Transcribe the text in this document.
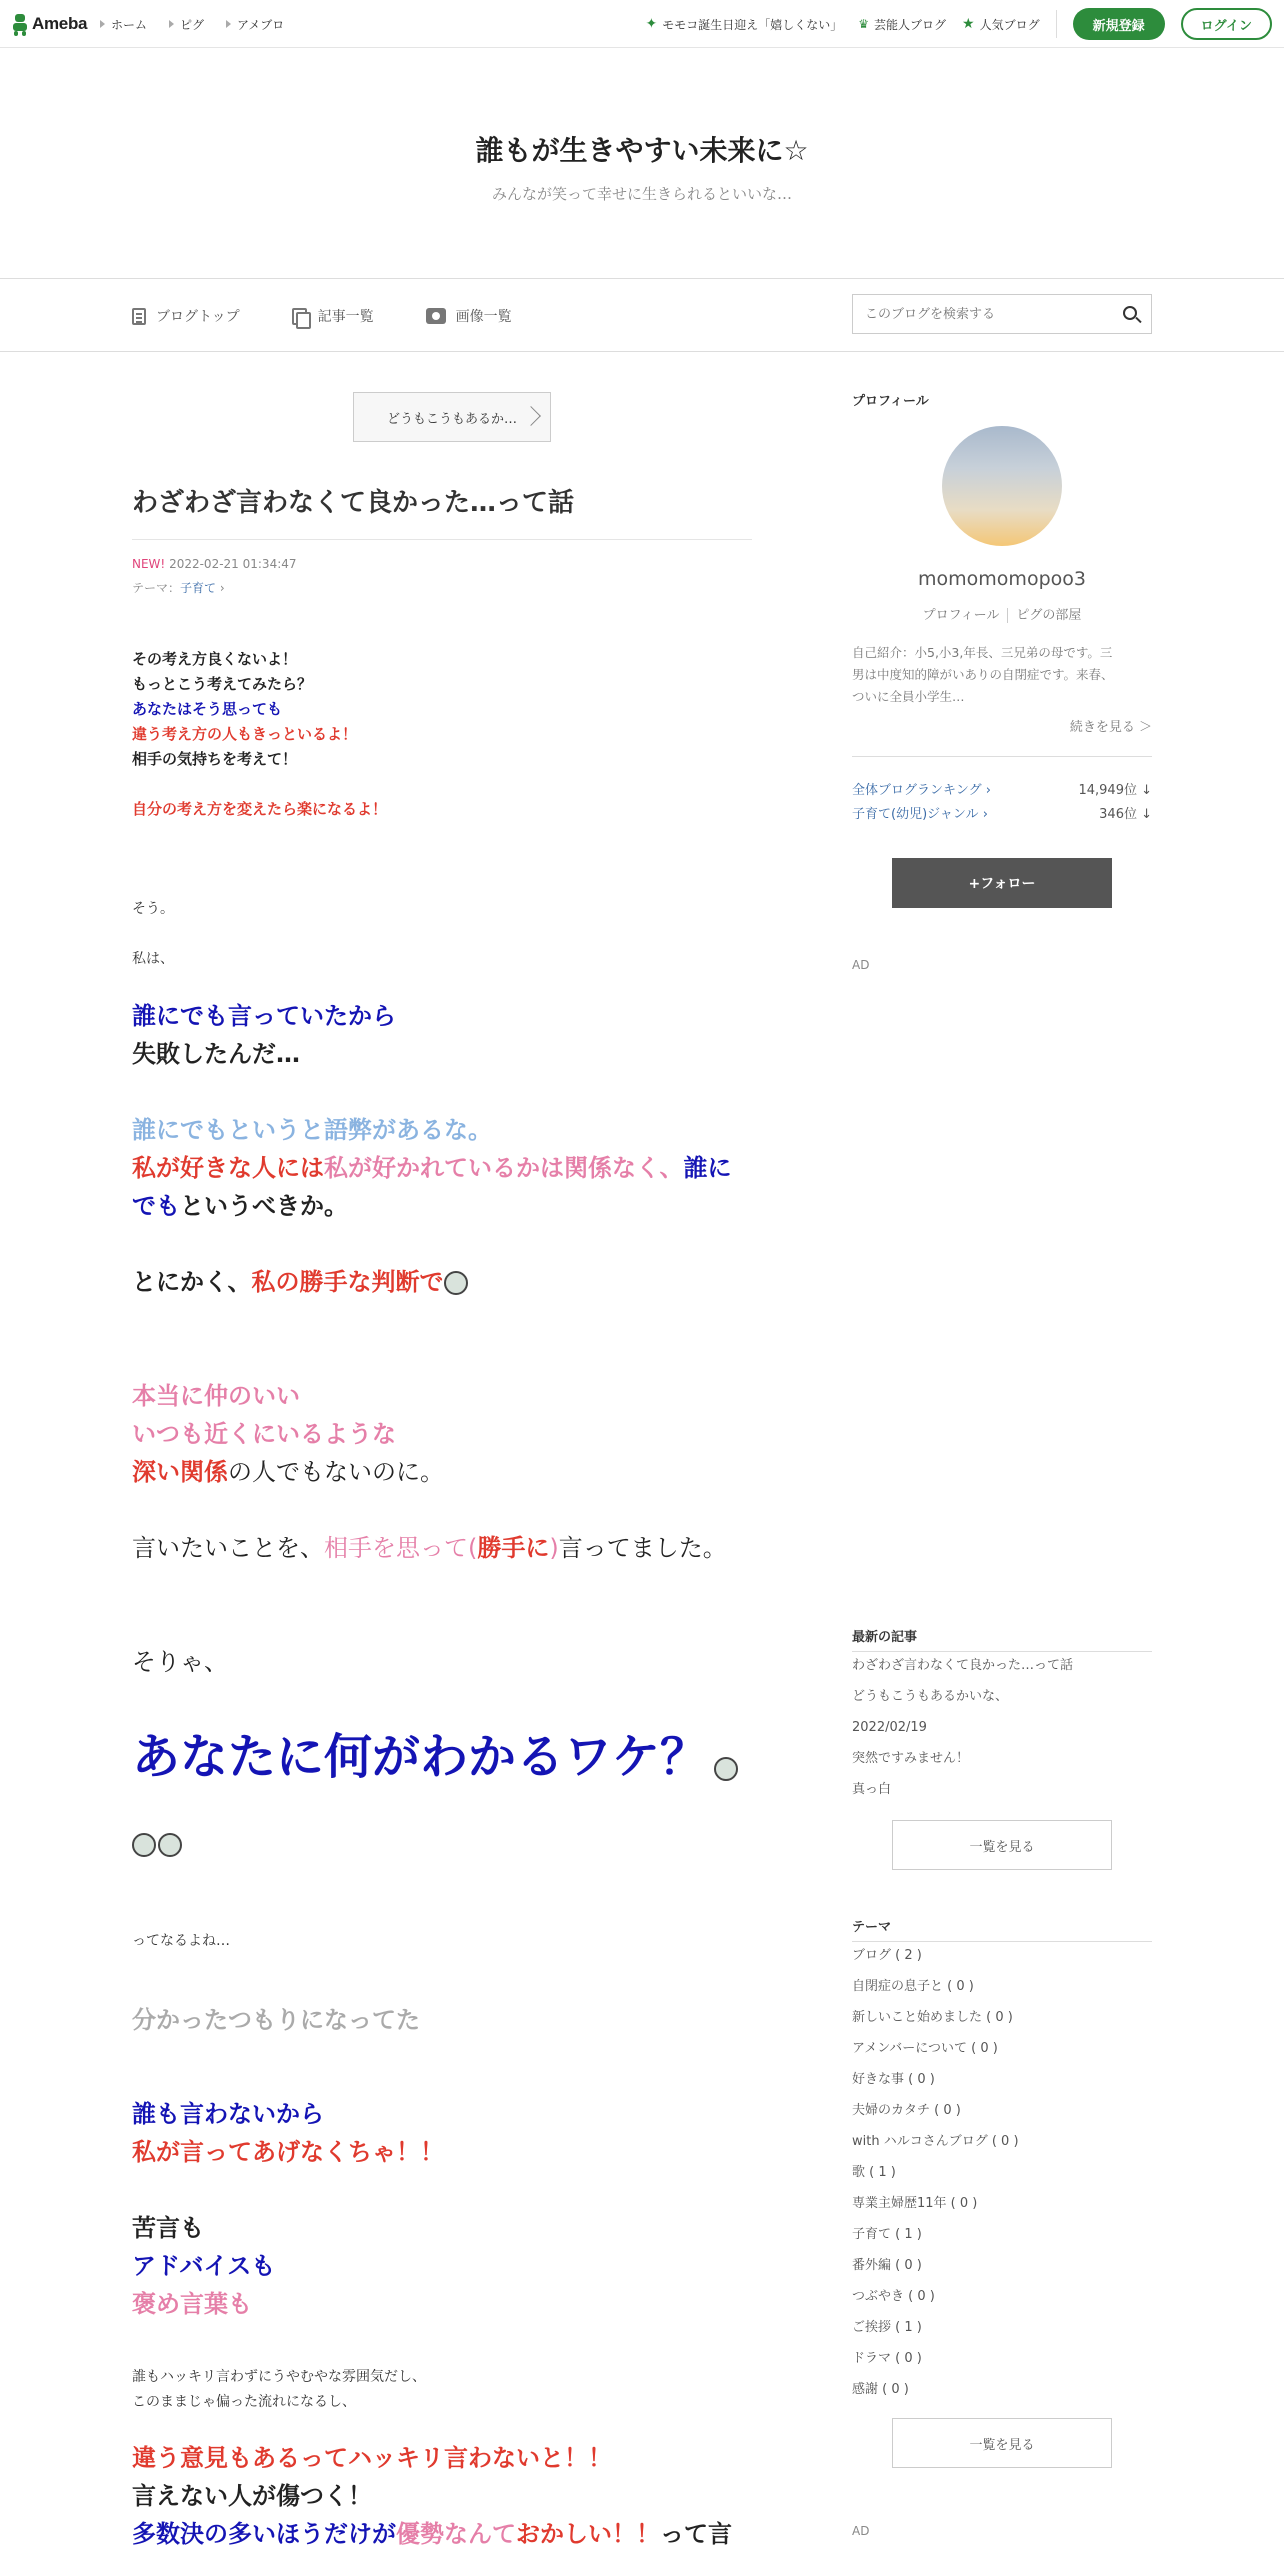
Ameba ホーム	ピグ	アメブロ	✦ モモコ誕生日迎え「嬉しくない」 ♛ 芸能人ブログ ★ 人気ブログ	新規登録	ログイン
誰もが生きやすい未来に☆
みんなが笑って幸せに生きられるといいな…
ブログトップ	記事一覧	画像一覧
このブログを検索する
どうもこうもあるか…
わざわざ言わなくて良かった…って話
NEW! 2022-02-21 01:34:47
テーマ：子育て ›
その考え方良くないよ！
もっとこう考えてみたら？
あなたはそう思っても
違う考え方の人もきっといるよ！
相手の気持ちを考えて！
自分の考え方を変えたら楽になるよ！
そう。
私は、
誰にでも言っていたから
失敗したんだ…
誰にでもというと語弊があるな。
私が好きな人には私が好かれているかは関係なく、誰に
でもというべきか。
とにかく、私の勝手な判断で
本当に仲のいい
いつも近くにいるような
深い関係の人でもないのに。
言いたいことを、相手を思って(勝手に)言ってました。
そりゃ、
あなたに何がわかるワケ？
ってなるよね…
分かったつもりになってた
誰も言わないから
私が言ってあげなくちゃ！！
苦言も
アドバイスも
褒め言葉も
誰もハッキリ言わずにうやむやな雰囲気だし、
このままじゃ偏った流れになるし、
違う意見もあるってハッキリ言わないと！！
言えない人が傷つく！
多数決の多いほうだけが優勢なんておかしい！！って言
プロフィール
momomomopoo3
プロフィール ピグの部屋
自己紹介：小5,小3,年長、三兄弟の母です。三
男は中度知的障がいありの自閉症です。来春、
ついに全員小学生…
続きを見る ＞
全体ブログランキング ›	14,949位 ↓
子育て(幼児)ジャンル ›	346位 ↓
+フォロー
AD
最新の記事
わざわざ言わなくて良かった…って話
どうもこうもあるかいな、
2022/02/19
突然ですみません！
真っ白
一覧を見る
テーマ
ブログ ( 2 )
自閉症の息子と ( 0 )
新しいこと始めました ( 0 )
アメンバーについて ( 0 )
好きな事 ( 0 )
夫婦のカタチ ( 0 )
with ハルコさんブログ ( 0 )
歌 ( 1 )
専業主婦歴11年 ( 0 )
子育て ( 1 )
番外編 ( 0 )
つぶやき ( 0 )
ご挨拶 ( 1 )
ドラマ ( 0 )
感謝 ( 0 )
一覧を見る
AD
